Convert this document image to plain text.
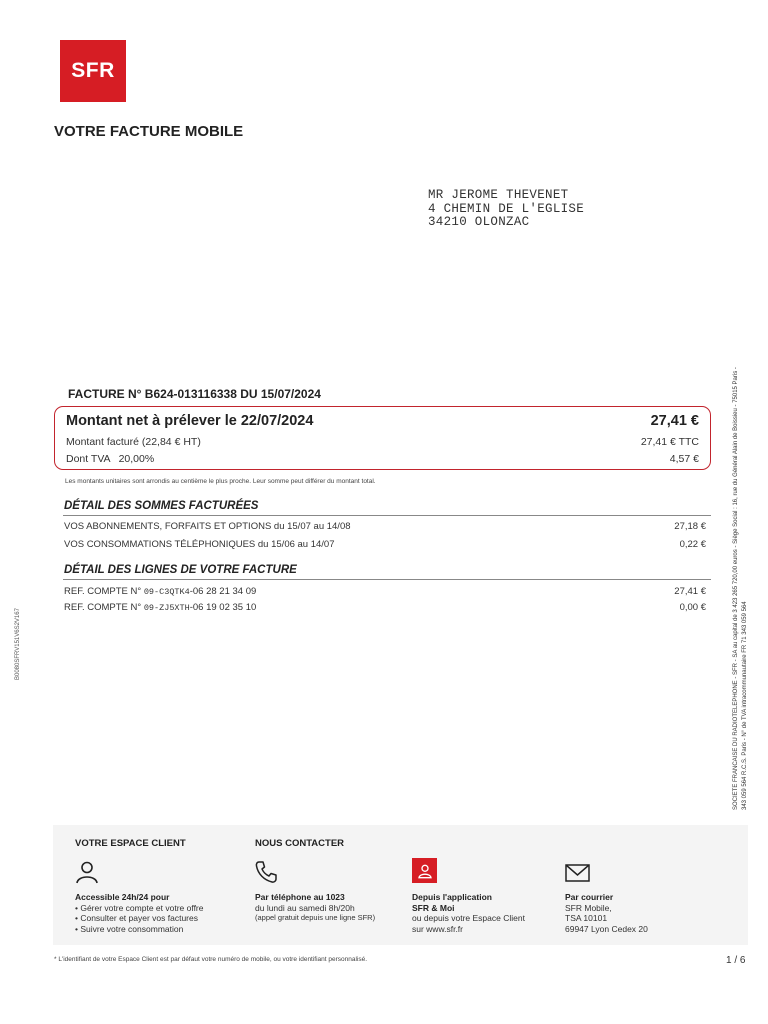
SFR
VOTRE FACTURE MOBILE
MR JEROME THEVENET
4 CHEMIN DE L'EGLISE
34210 OLONZAC
FACTURE N° B624-013116338 DU 15/07/2024
Montant net à prélever le 22/07/2024	27,41 €
Montant facturé (22,84 € HT)	27,41 € TTC
Dont TVA 20,00%	4,57 €
Les montants unitaires sont arrondis au centième le plus proche. Leur somme peut différer du montant total.
DÉTAIL DES SOMMES FACTURÉES
VOS ABONNEMENTS, FORFAITS ET OPTIONS du 15/07 au 14/08	27,18 €
VOS CONSOMMATIONS TÉLÉPHONIQUES du 15/06 au 14/07	0,22 €
DÉTAIL DES LIGNES DE VOTRE FACTURE
REF. COMPTE N° 09-C3QTK4-06 28 21 34 09	27,41 €
REF. COMPTE N° 09-ZJ5XTH-06 19 02 35 10	0,00 €
B0080SFRV151V6S2V167	SOCIETE FRANCAISE DU RADIOTELEPHONE - SFR - SA au capital de 3 423 265 720,00 euros - Siège Social : 16, rue du Général Alain de Boissieu - 75015 Paris - 343 059 564 R.C.S. Paris - N° de TVA intracommunautaire FR 71 343 059 564
VOTRE ESPACE CLIENT	NOUS CONTACTER
Accessible 24h/24 pour
• Gérer votre compte et votre offre
• Consulter et payer vos factures
• Suivre votre consommation
Par téléphone au 1023
du lundi au samedi 8h/20h
(appel gratuit depuis une ligne SFR)
Depuis l'application
SFR & Moi
ou depuis votre Espace Client
sur www.sfr.fr
Par courrier
SFR Mobile,
TSA 10101
69947 Lyon Cedex 20
* L'identifiant de votre Espace Client est par défaut votre numéro de mobile, ou votre identifiant personnalisé.	1 / 6
